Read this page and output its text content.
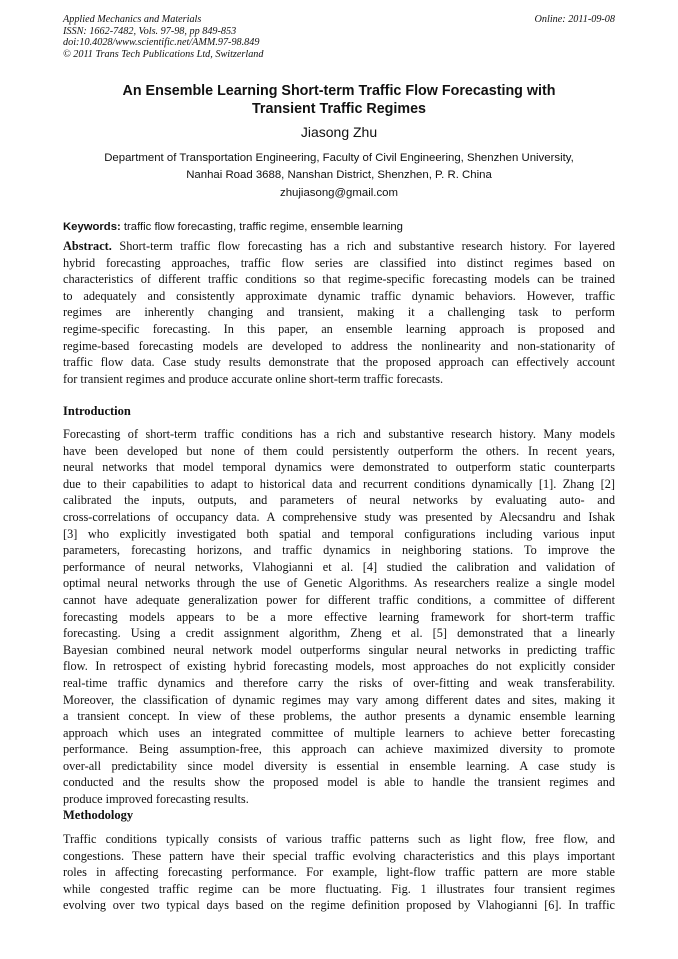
Applied Mechanics and Materials
ISSN: 1662-7482, Vols. 97-98, pp 849-853
doi:10.4028/www.scientific.net/AMM.97-98.849
© 2011 Trans Tech Publications Ltd, Switzerland
Online: 2011-09-08
An Ensemble Learning Short-term Traffic Flow Forecasting with
Transient Traffic Regimes
Jiasong Zhu
Department of Transportation Engineering, Faculty of Civil Engineering, Shenzhen University,
Nanhai Road 3688, Nanshan District, Shenzhen, P. R. China
zhujiasong@gmail.com
Keywords: traffic flow forecasting, traffic regime, ensemble learning
Abstract. Short-term traffic flow forecasting has a rich and substantive research history. For layered
hybrid forecasting approaches, traffic flow series are classified into distinct regimes based on
characteristics of different traffic conditions so that regime-specific forecasting models can be trained
to adequately and consistently approximate dynamic traffic dynamic behaviors. However, traffic
regimes are inherently changing and transient, making it a challenging task to perform
regime-specific forecasting. In this paper, an ensemble learning approach is proposed and
regime-based forecasting models are developed to address the nonlinearity and non-stationarity of
traffic flow data. Case study results demonstrate that the proposed approach can effectively account
for transient regimes and produce accurate online short-term traffic forecasts.
Introduction
Forecasting of short-term traffic conditions has a rich and substantive research history. Many models
have been developed but none of them could persistently outperform the others. In recent years,
neural networks that model temporal dynamics were demonstrated to outperform static counterparts
due to their capabilities to adapt to historical data and recurrent conditions dynamically [1]. Zhang [2]
calibrated the inputs, outputs, and parameters of neural networks by evaluating auto- and
cross-correlations of occupancy data. A comprehensive study was presented by Alecsandru and Ishak
[3] who explicitly investigated both spatial and temporal configurations including various input
parameters, forecasting horizons, and traffic dynamics in neighboring stations. To improve the
performance of neural networks, Vlahogianni et al. [4] studied the calibration and validation of
optimal neural networks through the use of Genetic Algorithms. As researchers realize a single model
cannot have adequate generalization power for different traffic conditions, a committee of different
forecasting models appears to be a more effective learning framework for short-term traffic
forecasting. Using a credit assignment algorithm, Zheng et al. [5] demonstrated that a linearly
Bayesian combined neural network model outperforms singular neural networks in predicting traffic
flow. In retrospect of existing hybrid forecasting models, most approaches do not explicitly consider
real-time traffic dynamics and therefore carry the risks of over-fitting and weak transferability.
Moreover, the classification of dynamic regimes may vary among different dates and sites, making it
a transient concept. In view of these problems, the author presents a dynamic ensemble learning
approach which uses an integrated committee of multiple learners to achieve better forecasting
performance. Being assumption-free, this approach can achieve maximized diversity to promote
over-all predictability since model diversity is essential in ensemble learning. A case study is
conducted and the results show the proposed model is able to handle the transient regimes and
produce improved forecasting results.
Methodology
Traffic conditions typically consists of various traffic patterns such as light flow, free flow, and
congestions. These pattern have their special traffic evolving characteristics and this plays important
roles in affecting forecasting performance. For example, light-flow traffic pattern are more stable
while congested traffic regime can be more fluctuating. Fig. 1 illustrates four transient regimes
evolving over two typical days based on the regime definition proposed by Vlahogianni [6]. In traffic
